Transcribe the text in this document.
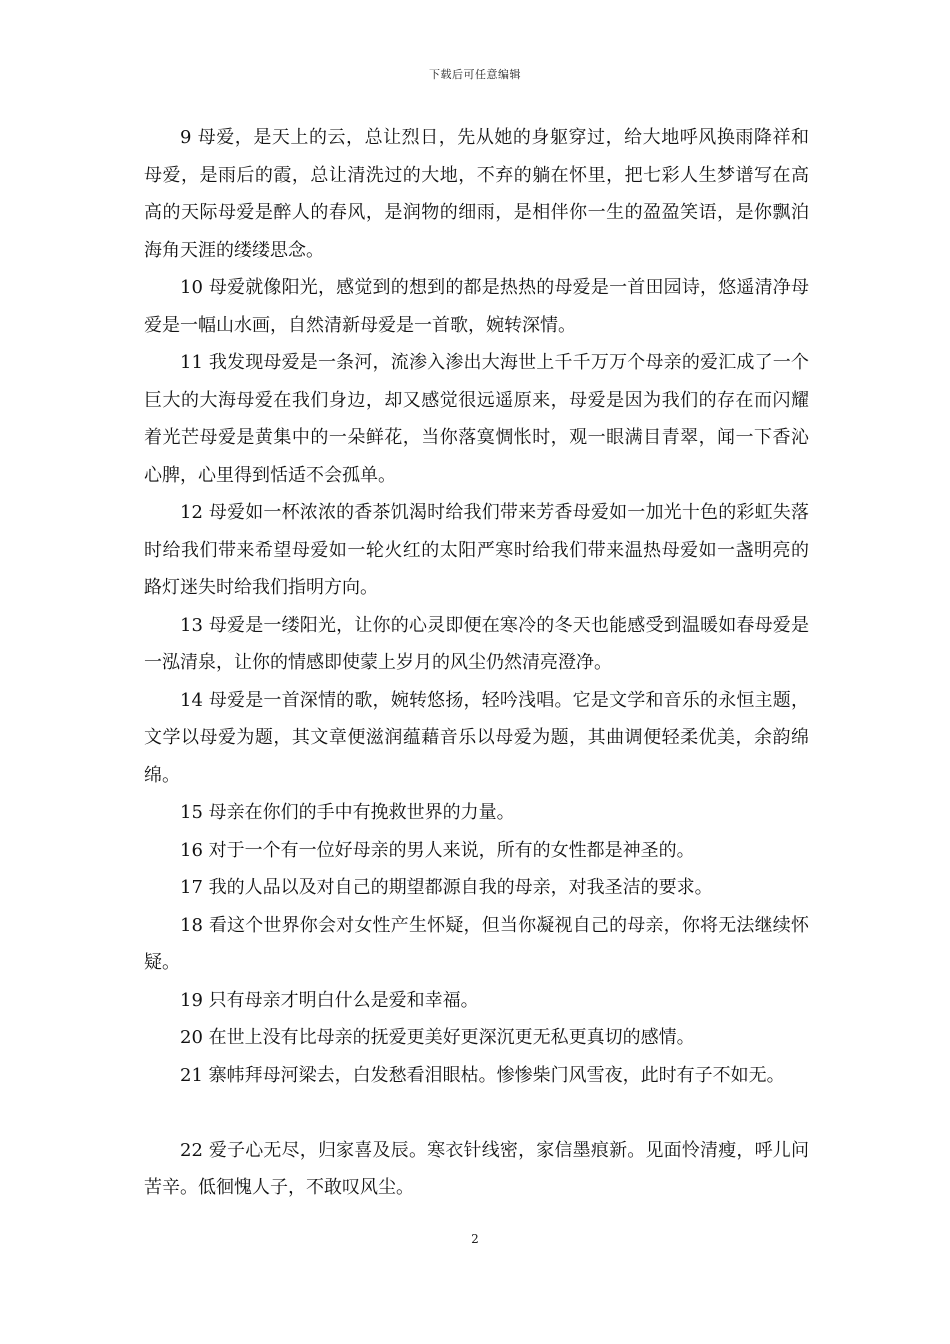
下载后可任意编辑

9 母爱，是天上的云，总让烈日，先从她的身躯穿过，给大地呼风换雨降祥和母爱，是雨后的霞，总让清洗过的大地，不弃的躺在怀里，把七彩人生梦谱写在高高的天际母爱是醉人的春风，是润物的细雨，是相伴你一生的盈盈笑语，是你飘泊海角天涯的缕缕思念。

10 母爱就像阳光，感觉到的想到的都是热热的母爱是一首田园诗，悠遥清净母爱是一幅山水画，自然清新母爱是一首歌，婉转深情。

11 我发现母爱是一条河，流渗入渗出大海世上千千万万个母亲的爱汇成了一个巨大的大海母爱在我们身边，却又感觉很远遥原来，母爱是因为我们的存在而闪耀着光芒母爱是黄集中的一朵鲜花，当你落寞惆怅时，观一眼满目青翠，闻一下香沁心脾，心里得到恬适不会孤单。

12 母爱如一杯浓浓的香茶饥渴时给我们带来芳香母爱如一加光十色的彩虹失落时给我们带来希望母爱如一轮火红的太阳严寒时给我们带来温热母爱如一盏明亮的路灯迷失时给我们指明方向。

13 母爱是一缕阳光，让你的心灵即便在寒冷的冬天也能感受到温暖如春母爱是一泓清泉，让你的情感即使蒙上岁月的风尘仍然清亮澄净。

14 母爱是一首深情的歌，婉转悠扬，轻吟浅唱。它是文学和音乐的永恒主题，文学以母爱为题，其文章便滋润蕴藉音乐以母爱为题，其曲调便轻柔优美，余韵绵绵。

15 母亲在你们的手中有挽救世界的力量。

16 对于一个有一位好母亲的男人来说，所有的女性都是神圣的。

17 我的人品以及对自己的期望都源自我的母亲，对我圣洁的要求。

18 看这个世界你会对女性产生怀疑，但当你凝视自己的母亲，你将无法继续怀疑。

19 只有母亲才明白什么是爱和幸福。

20 在世上没有比母亲的抚爱更美好更深沉更无私更真切的感情。

21 寨帏拜母河梁去，白发愁看泪眼枯。惨惨柴门风雪夜，此时有子不如无。

22 爱子心无尽，归家喜及辰。寒衣针线密，家信墨痕新。见面怜清瘦，呼儿问苦辛。低徊愧人子，不敢叹风尘。

2
